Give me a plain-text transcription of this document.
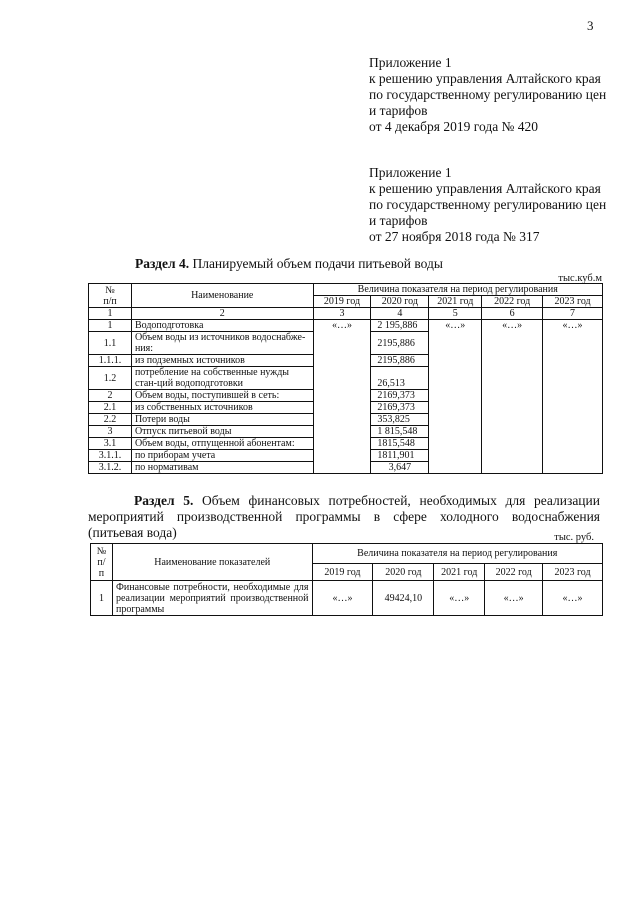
3
Приложение 1
к решению управления Алтайского края
по государственному регулированию цен
и тарифов
от 4 декабря 2019 года № 420
Приложение 1
к решению управления Алтайского края
по государственному регулированию цен
и тарифов
от 27 ноября 2018 года № 317
Раздел 4. Планируемый объем подачи питьевой воды
тыс.куб.м
№
п/п	Наименование	Величина показателя на период регулирования				
		2019 год	2020 год	2021 год	2022 год	2023 год
1	2	3	4	5	6	7
1	Водоподготовка	«…»	2 195,886	«…»	«…»	«…»
1.1	Объем воды из источников водоснабже-ния:		2195,886			
1.1.1.	из подземных источников		2195,886			
1.2	потребление на собственные нужды стан-ций водоподготовки		26,513			
2	Объем воды, поступившей в сеть:		2169,373			
2.1	из собственных источников		2169,373			
2.2	Потери воды		353,825			
3	Отпуск питьевой воды		1 815,548			
3.1	Объем воды, отпущенной абонентам:		1815,548			
3.1.1.	по приборам учета		1811,901			
3.1.2.	по нормативам		3,647			
Раздел 5. Объем финансовых потребностей, необходимых для реализации мероприятий производственной программы в сфере холодного водоснабжения (питьевая вода)	тыс. руб.
№
п/
п	Наименование показателей	Величина показателя на период регулирования				
		2019 год	2020 год	2021 год	2022 год	2023 год
1	Финансовые потребности, необходимые для реализации мероприятий производственной программы	«…»	49424,10	«…»	«…»	«…»
